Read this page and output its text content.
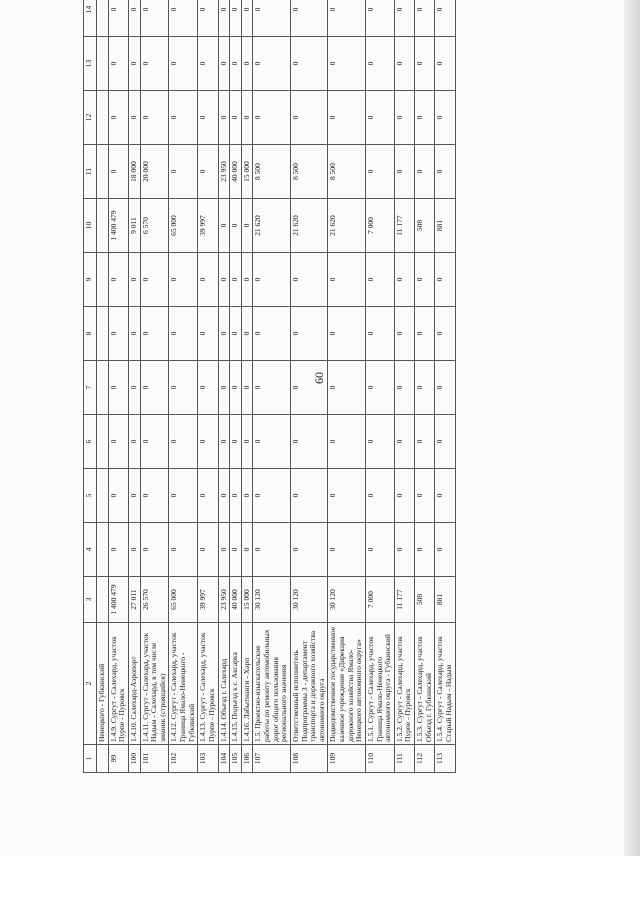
60
1	2	3	4	5	6	7	8	9	10	11	12	13	14
	Ненецкого - Губкинский												
99	1.4.9. Сургут - Салехард, участок Пурпе - Пуровск	1 400 479	0	0	0	0	0	0	1 400 479	0	0	0	0
100	1.4.10. Салехард-Аэропорт	27 011	0	0	0	0	0	0	9 011	18 000	0	0	0
101	1.4.11. Сургут - Салехард, участок Надым - Салехард, в том числе зимник (строящийся)	26 570	0	0	0	0	0	0	6 570	20 000	0	0	0
102	1.4.12. Сургут - Салехард, участок Граница Ямало-Ненецкого - Губкинский	65 000	0	0	0	0	0	0	65 000	0	0	0	0
103	1.4.13. Сургут - Салехард, участок Пурпе - Пуровск	39 997	0	0	0	0	0	0	39 997	0	0	0	0
104	1.4.14. Объезд г. Салехард	23 950	0	0	0	0	0	0	0	23 950	0	0	0
105	1.4.15. Подъезд к с. Аксарка	40 000	0	0	0	0	0	0	0	40 000	0	0	0
106	1.4.16. Лабытнанги - Харп	15 000	0	0	0	0	0	0	0	15 000	0	0	0
107	1.5. Проектно-изыскательские работы по ремонту автомобильных дорог общего пользования регионального значения	30 120	0	0	0	0	0	0	21 620	8 500	0	0	0
108	Ответственный исполнитель Подпрограммы 3 - департамент транспорта и дорожного хозяйства автономного округа	30 120	0	0	0	0	0	0	21 620	8 500	0	0	0
109	Подведомственное государственное казенное учреждение «Дирекция дорожного хозяйства Ямало-Ненецкого автономного округа»	30 120	0	0	0	0	0	0	21 620	8 500	0	0	0
110	1.5.1. Сургут - Салехард, участок Граница Ямало-Ненецкого автономного округа - Губкинский	7 000	0	0	0	0	0	0	7 000	0	0	0	0
111	1.5.2. Сургут - Салехард, участок Пурпе - Пуровск	11 177	0	0	0	0	0	0	11 177	0	0	0	0
112	1.5.3. Сургут - Салехард, участок Объезд г. Губкинский	508	0	0	0	0	0	0	508	0	0	0	0
113	1.5.4. Сургут - Салехард, участок Старый Надым - Надым	881	0	0	0	0	0	0	881	0	0	0	0
